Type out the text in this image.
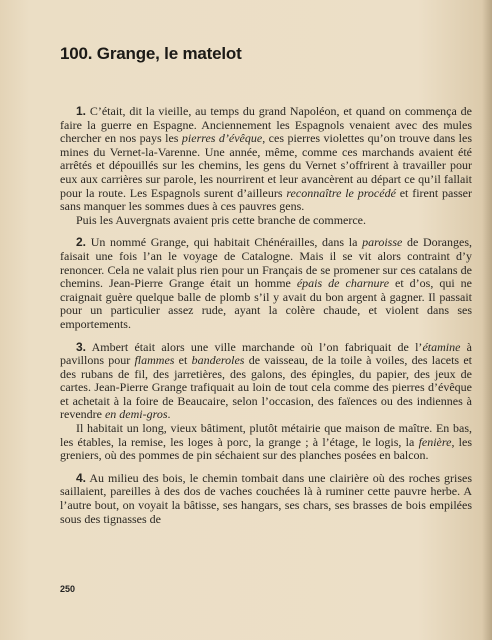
100. Grange, le matelot

1. C’était, dit la vieille, au temps du grand Napoléon, et quand on commença de faire la guerre en Espagne. Anciennement les Espagnols venaient avec des mules chercher en nos pays les pierres d’évêque, ces pierres violettes qu’on trouve dans les mines du Vernet-la-Varenne. Une année, même, comme ces marchands avaient été arrêtés et dépouillés sur les chemins, les gens du Vernet s’offrirent à travailler pour eux aux carrières sur parole, les nourrirent et leur avancèrent au départ ce qu’il fallait pour la route. Les Espagnols surent d’ailleurs reconnaître le procédé et firent passer sans manquer les sommes dues à ces pauvres gens.

Puis les Auvergnats avaient pris cette branche de commerce.

2. Un nommé Grange, qui habitait Chénérailles, dans la paroisse de Doranges, faisait une fois l’an le voyage de Catalogne. Mais il se vit alors contraint d’y renoncer. Cela ne valait plus rien pour un Français de se promener sur ces catalans de chemins. Jean-Pierre Grange était un homme épais de charnure et d’os, qui ne craignait guère quelque balle de plomb s’il y avait du bon argent à gagner. Il passait pour un particulier assez rude, ayant la colère chaude, et violent dans ses emportements.

3. Ambert était alors une ville marchande où l’on fabriquait de l’étamine à pavillons pour flammes et banderoles de vaisseau, de la toile à voiles, des lacets et des rubans de fil, des jarretières, des galons, des épingles, du papier, des jeux de cartes. Jean-Pierre Grange trafiquait au loin de tout cela comme des pierres d’évêque et achetait à la foire de Beaucaire, selon l’occasion, des faïences ou des indiennes à revendre en demi-gros.

Il habitait un long, vieux bâtiment, plutôt métairie que maison de maître. En bas, les étables, la remise, les loges à porc, la grange ; à l’étage, le logis, la fenière, les greniers, où des pommes de pin séchaient sur des planches posées en balcon.

4. Au milieu des bois, le chemin tombait dans une clairière où des roches grises saillaient, pareilles à des dos de vaches couchées là à ruminer cette pauvre herbe. A l’autre bout, on voyait la bâtisse, ses hangars, ses chars, ses brasses de bois empilées sous des tignasses de

250
